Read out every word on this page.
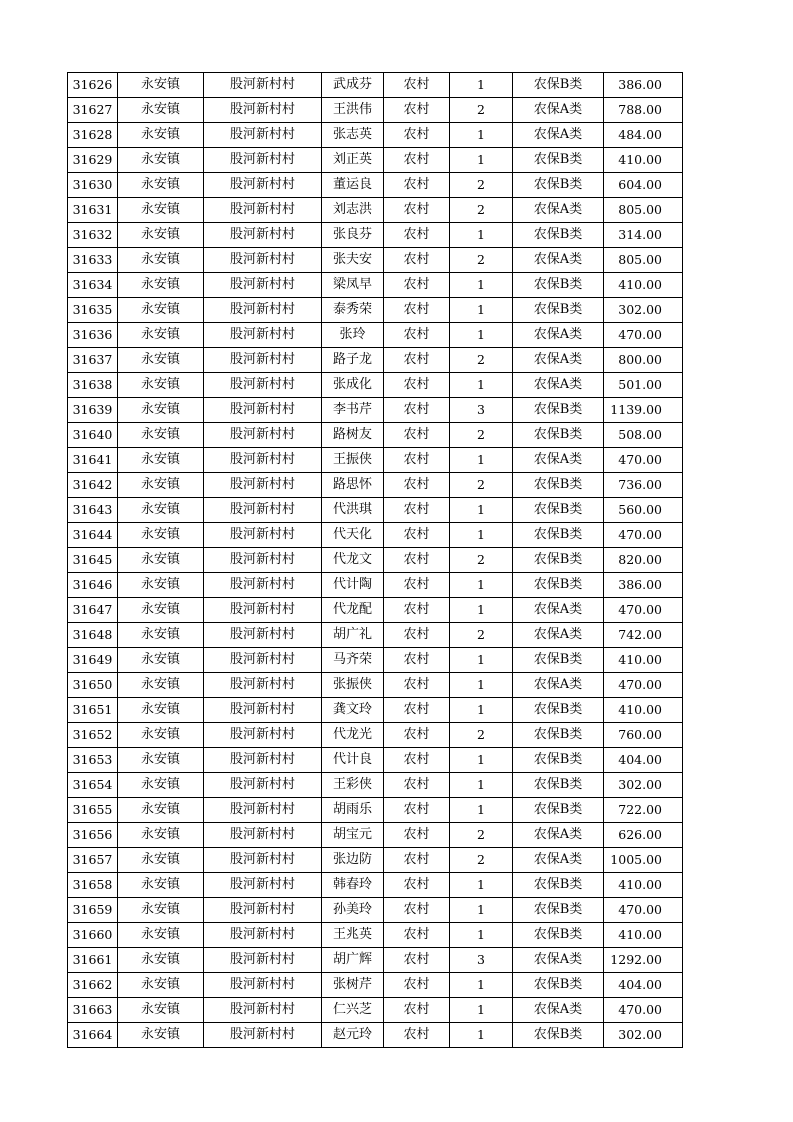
31626	永安镇	股河新村村	武成芬	农村	1	农保B类	386.00
31627	永安镇	股河新村村	王洪伟	农村	2	农保A类	788.00
31628	永安镇	股河新村村	张志英	农村	1	农保A类	484.00
31629	永安镇	股河新村村	刘正英	农村	1	农保B类	410.00
31630	永安镇	股河新村村	董运良	农村	2	农保B类	604.00
31631	永安镇	股河新村村	刘志洪	农村	2	农保A类	805.00
31632	永安镇	股河新村村	张良芬	农村	1	农保B类	314.00
31633	永安镇	股河新村村	张夫安	农村	2	农保A类	805.00
31634	永安镇	股河新村村	梁凤早	农村	1	农保B类	410.00
31635	永安镇	股河新村村	泰秀荣	农村	1	农保B类	302.00
31636	永安镇	股河新村村	张玲	农村	1	农保A类	470.00
31637	永安镇	股河新村村	路子龙	农村	2	农保A类	800.00
31638	永安镇	股河新村村	张成化	农村	1	农保A类	501.00
31639	永安镇	股河新村村	李书芹	农村	3	农保B类	1139.00
31640	永安镇	股河新村村	路树友	农村	2	农保B类	508.00
31641	永安镇	股河新村村	王振侠	农村	1	农保A类	470.00
31642	永安镇	股河新村村	路思怀	农村	2	农保B类	736.00
31643	永安镇	股河新村村	代洪琪	农村	1	农保B类	560.00
31644	永安镇	股河新村村	代天化	农村	1	农保B类	470.00
31645	永安镇	股河新村村	代龙文	农村	2	农保B类	820.00
31646	永安镇	股河新村村	代计陶	农村	1	农保B类	386.00
31647	永安镇	股河新村村	代龙配	农村	1	农保A类	470.00
31648	永安镇	股河新村村	胡广礼	农村	2	农保A类	742.00
31649	永安镇	股河新村村	马齐荣	农村	1	农保B类	410.00
31650	永安镇	股河新村村	张振侠	农村	1	农保A类	470.00
31651	永安镇	股河新村村	龚文玲	农村	1	农保B类	410.00
31652	永安镇	股河新村村	代龙光	农村	2	农保B类	760.00
31653	永安镇	股河新村村	代计良	农村	1	农保B类	404.00
31654	永安镇	股河新村村	王彩侠	农村	1	农保B类	302.00
31655	永安镇	股河新村村	胡雨乐	农村	1	农保B类	722.00
31656	永安镇	股河新村村	胡宝元	农村	2	农保A类	626.00
31657	永安镇	股河新村村	张边防	农村	2	农保A类	1005.00
31658	永安镇	股河新村村	韩春玲	农村	1	农保B类	410.00
31659	永安镇	股河新村村	孙美玲	农村	1	农保B类	470.00
31660	永安镇	股河新村村	王兆英	农村	1	农保B类	410.00
31661	永安镇	股河新村村	胡广辉	农村	3	农保A类	1292.00
31662	永安镇	股河新村村	张树芹	农村	1	农保B类	404.00
31663	永安镇	股河新村村	仁兴芝	农村	1	农保A类	470.00
31664	永安镇	股河新村村	赵元玲	农村	1	农保B类	302.00
